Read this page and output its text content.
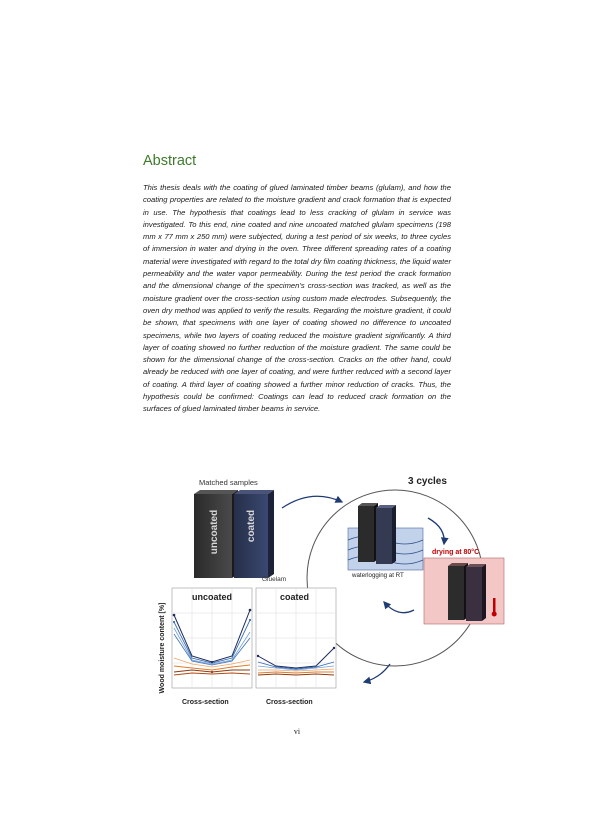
Abstract

This thesis deals with the coating of glued laminated timber beams (glulam), and how the coating properties are related to the moisture gradient and crack formation that is expected in use. The hypothesis that coatings lead to less cracking of glulam in service was investigated. To this end, nine coated and nine uncoated matched glulam specimens (198 mm x 77 mm x 250 mm) were subjected, during a test period of six weeks, to three cycles of immersion in water and drying in the oven. Three different spreading rates of a coating material were investigated with regard to the total dry film coating thickness, the liquid water permeability and the water vapor permeability. During the test period the crack formation and the dimensional change of the specimen’s cross-section was tracked, as well as the moisture gradient over the cross-section using custom made electrodes. Subsequently, the oven dry method was applied to verify the results. Regarding the moisture gradient, it could be shown, that specimens with one layer of coating showed no difference to uncoated specimens, while two layers of coating reduced the moisture gradient significantly. A third layer of coating showed no further reduction of the moisture gradient. The same could be shown for the dimensional change of the cross-section. Cracks on the other hand, could already be reduced with one layer of coating, and were further reduced with a second layer of coating. A third layer of coating showed a further minor reduction of cracks. Thus, the hypothesis could be confirmed: Coatings can lead to reduced crack formation on the surfaces of glued laminated timber beams in service.

Matched samples
uncoated	coated
Gluelam
3 cycles
waterlogging at RT
drying at 80°C
Wood moisture content [%]
uncoated
Cross-section
coated
Cross-section
vi
